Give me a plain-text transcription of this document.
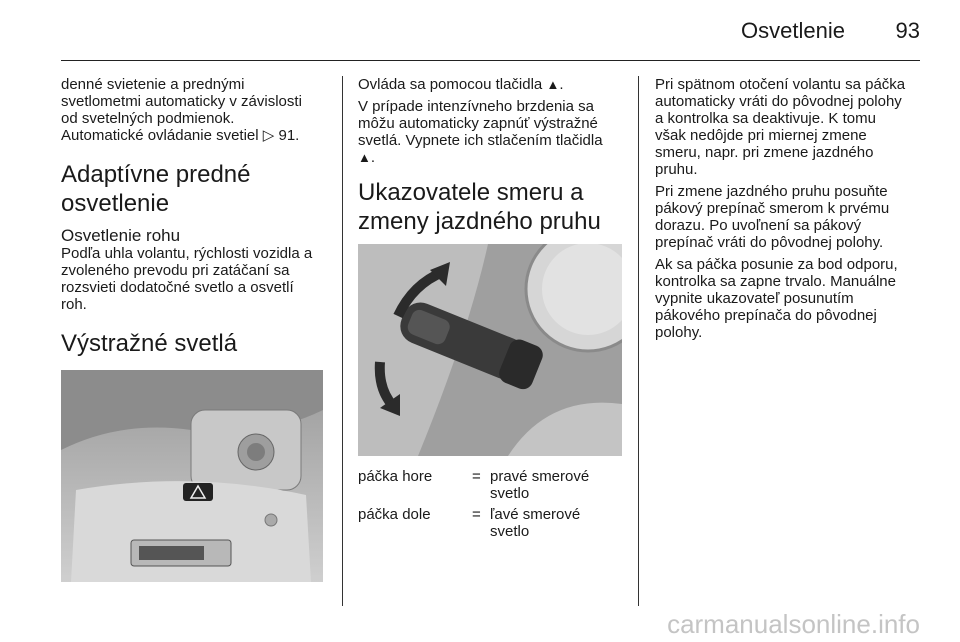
Osvetlenie 93

denné svietenie a prednými
svetlometmi automaticky v závislosti
od svetelných podmienok.
Automatické ovládanie svetiel ▷ 91.

Adaptívne predné
osvetlenie
Osvetlenie rohu

Podľa uhla volantu, rýchlosti vozidla a
zvoleného prevodu pri zatáčaní sa
rozsvieti dodatočné svetlo a osvetlí
roh.

Výstražné svetlá

Ovláda sa pomocou tlačidla ▲.

V prípade intenzívneho brzdenia sa
môžu automaticky zapnúť výstražné
svetlá. Vypnete ich stlačením tlačidla
▲.

Ukazovatele smeru a
zmeny jazdného pruhu
páčka hore	= pravé smerové
svetlo
páčka dole	= ľavé smerové
svetlo

Pri spätnom otočení volantu sa páčka
automaticky vráti do pôvodnej polohy
a kontrolka sa deaktivuje. K tomu
však nedôjde pri miernej zmene
smeru, napr. pri zmene jazdného
pruhu.

Pri zmene jazdného pruhu posuňte
pákový prepínač smerom k prvému
dorazu. Po uvoľnení sa pákový
prepínač vráti do pôvodnej polohy.

Ak sa páčka posunie za bod odporu,
kontrolka sa zapne trvalo. Manuálne
vypnite ukazovateľ posunutím
pákového prepínača do pôvodnej
polohy.

carmanualsonline.info
